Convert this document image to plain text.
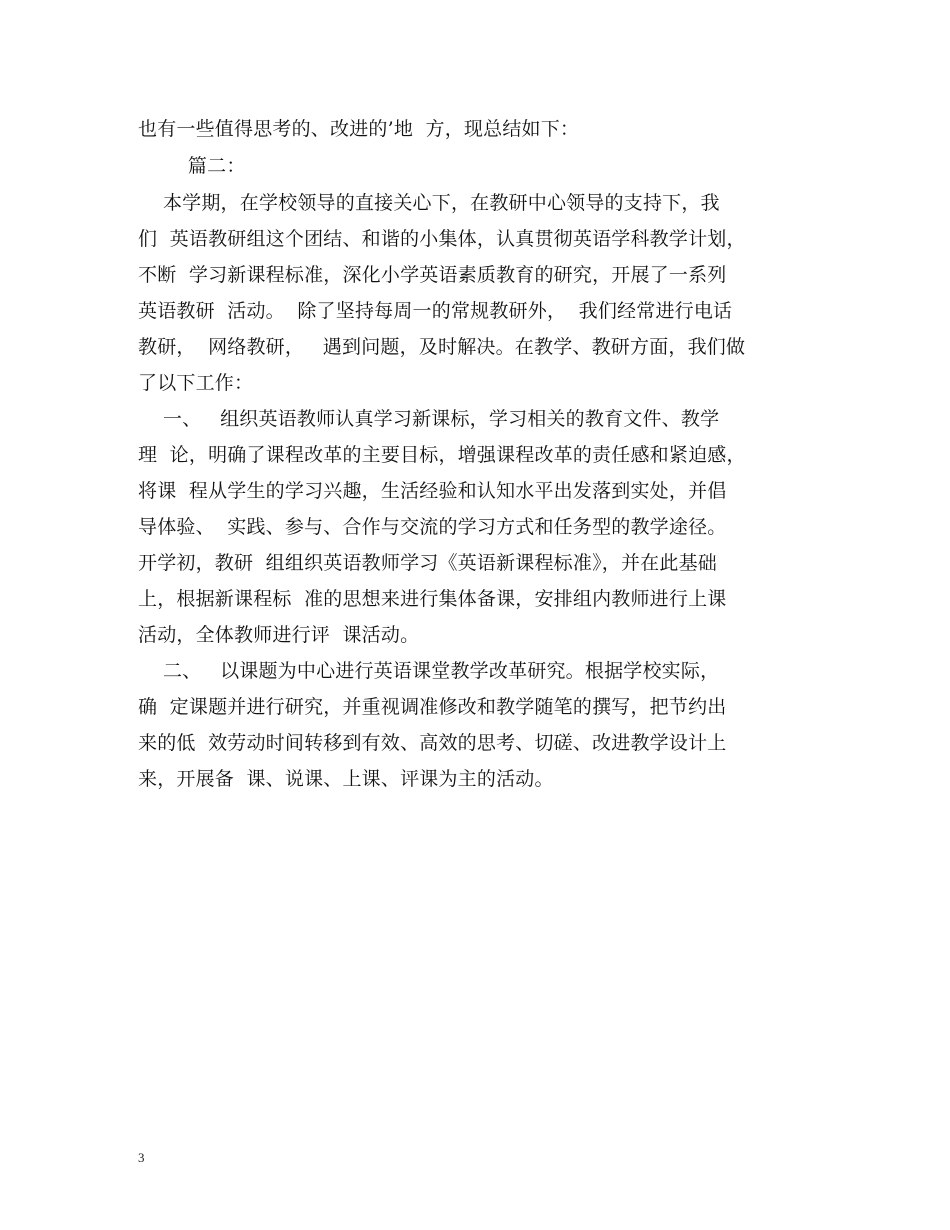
也有一些值得思考的、改进的’地  方，现总结如下：
篇二：
本学期，在学校领导的直接关心下，在教研中心领导的支持下，我
们  英语教研组这个团结、和谐的小集体，认真贯彻英语学科教学计划，
不断  学习新课程标准，深化小学英语素质教育的研究，开展了一系列
英语教研  活动。  除了坚持每周一的常规教研外，  我们经常进行电话
教研，  网络教研，   遇到问题，及时解决。在教学、教研方面，我们做
了以下工作：
一、   组织英语教师认真学习新课标，学习相关的教育文件、教学
理  论，明确了课程改革的主要目标，增强课程改革的责任感和紧迫感，
将课  程从学生的学习兴趣，生活经验和认知水平出发落到实处，并倡
导体验、  实践、参与、合作与交流的学习方式和任务型的教学途径。
开学初，教研  组组织英语教师学习《英语新课程标准》，并在此基础
上，根据新课程标  准的思想来进行集体备课，安排组内教师进行上课
活动，全体教师进行评  课活动。
二、   以课题为中心进行英语课堂教学改革研究。根据学校实际，
确  定课题并进行研究，并重视调准修改和教学随笔的撰写，把节约出
来的低  效劳动时间转移到有效、高效的思考、切磋、改进教学设计上
来，开展备  课、说课、上课、评课为主的活动。
3
